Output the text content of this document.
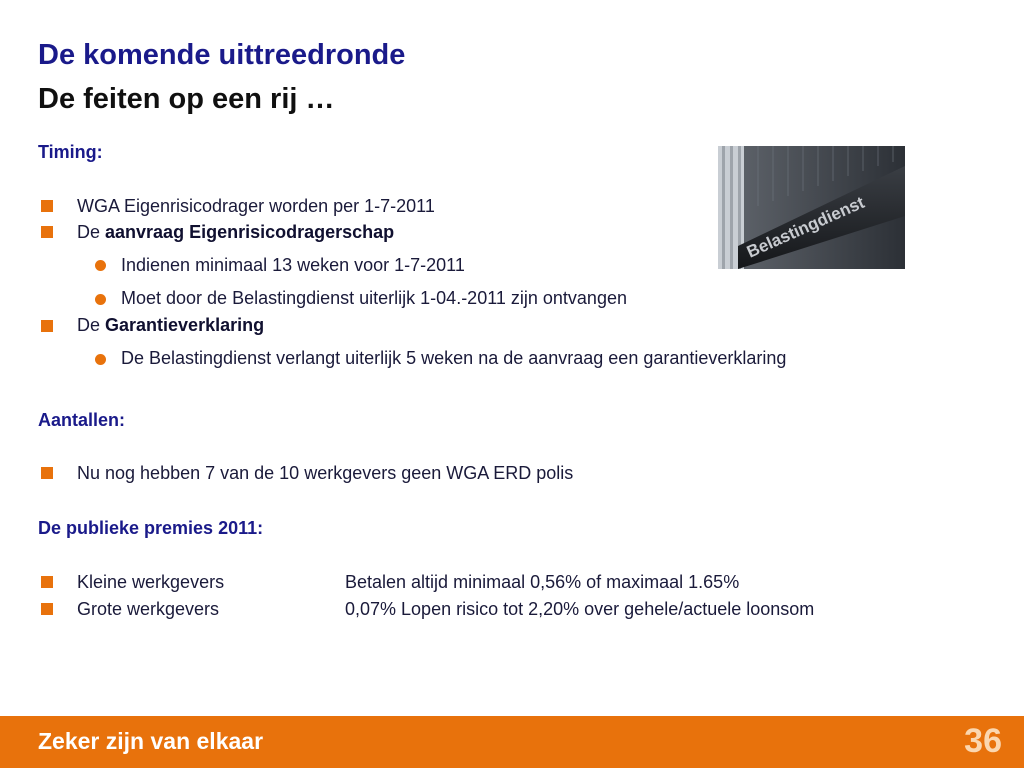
De komende uittreedronde
De feiten op een rij …
Timing:
WGA Eigenrisicodrager worden per 1-7-2011
De aanvraag Eigenrisicodragerschap
Indienen minimaal 13 weken voor 1-7-2011
Moet door de Belastingdienst uiterlijk 1-04.-2011 zijn ontvangen
De Garantieverklaring
De Belastingdienst verlangt uiterlijk 5 weken na de aanvraag een garantieverklaring
Aantallen:
Nu nog hebben 7 van de 10 werkgevers geen WGA ERD polis
De publieke premies 2011:
Kleine werkgevers	Betalen altijd minimaal 0,56% of maximaal 1.65%
Grote werkgevers	0,07% Lopen risico tot 2,20% over gehele/actuele loonsom
Belastingdienst
Zeker zijn van elkaar	36
